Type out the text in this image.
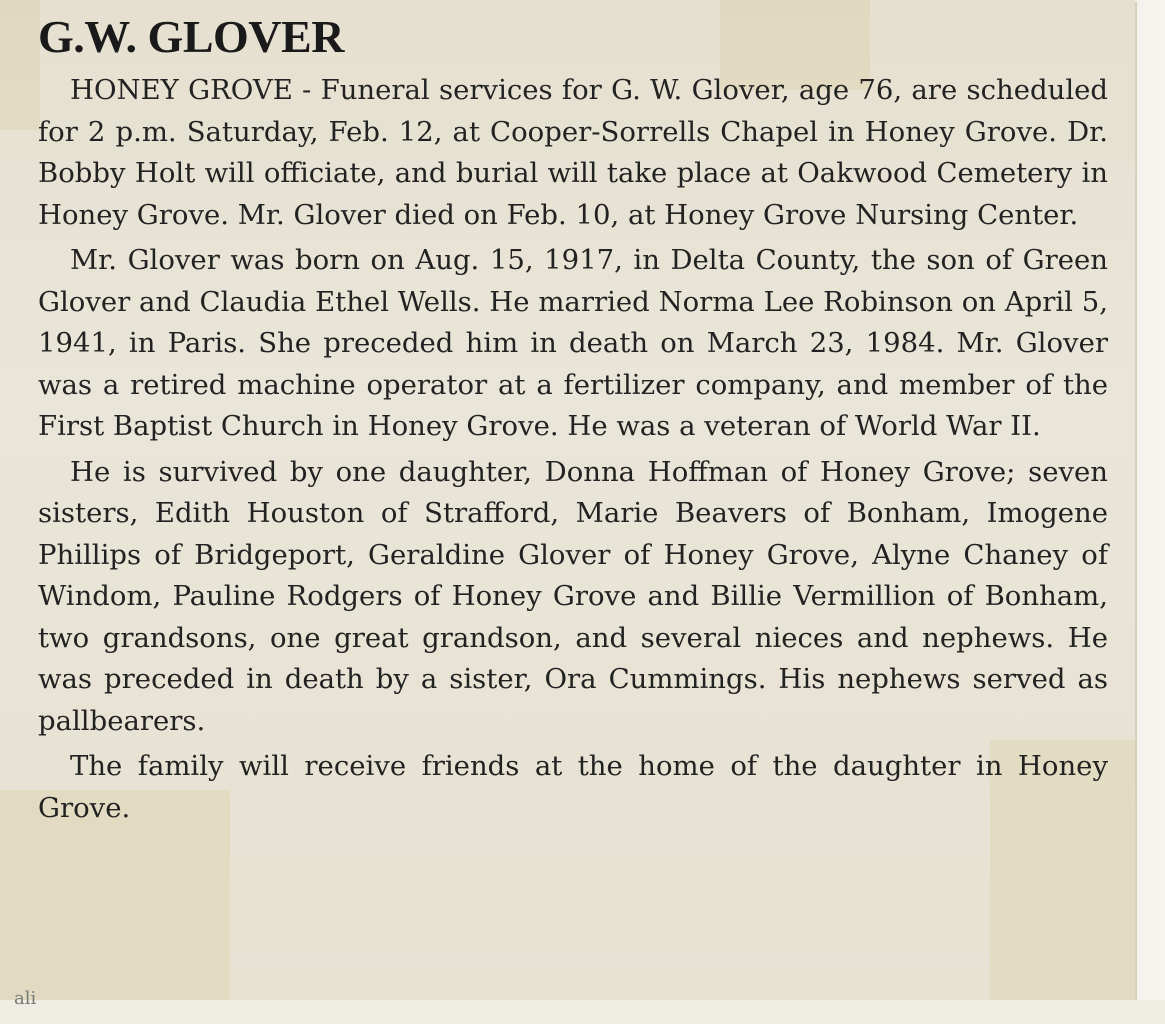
G.W. GLOVER

HONEY GROVE - Funeral services for G. W. Glover, age 76, are scheduled for 2 p.m. Saturday, Feb. 12, at Cooper-Sorrells Chapel in Honey Grove. Dr. Bobby Holt will officiate, and burial will take place at Oakwood Cemetery in Honey Grove. Mr. Glover died on Feb. 10, at Honey Grove Nursing Center.

Mr. Glover was born on Aug. 15, 1917, in Delta County, the son of Green Glover and Claudia Ethel Wells. He married Norma Lee Robinson on April 5, 1941, in Paris. She preceded him in death on March 23, 1984. Mr. Glover was a retired machine operator at a fertilizer company, and member of the First Baptist Church in Honey Grove. He was a veteran of World War II.

He is survived by one daughter, Donna Hoffman of Honey Grove; seven sisters, Edith Houston of Strafford, Marie Beavers of Bonham, Imogene Phillips of Bridgeport, Geraldine Glover of Honey Grove, Alyne Chaney of Windom, Pauline Rodgers of Honey Grove and Billie Vermillion of Bonham, two grandsons, one great grandson, and several nieces and nephews. He was preceded in death by a sister, Ora Cummings. His nephews served as pallbearers.

The family will receive friends at the home of the daughter in Honey Grove.

ali
